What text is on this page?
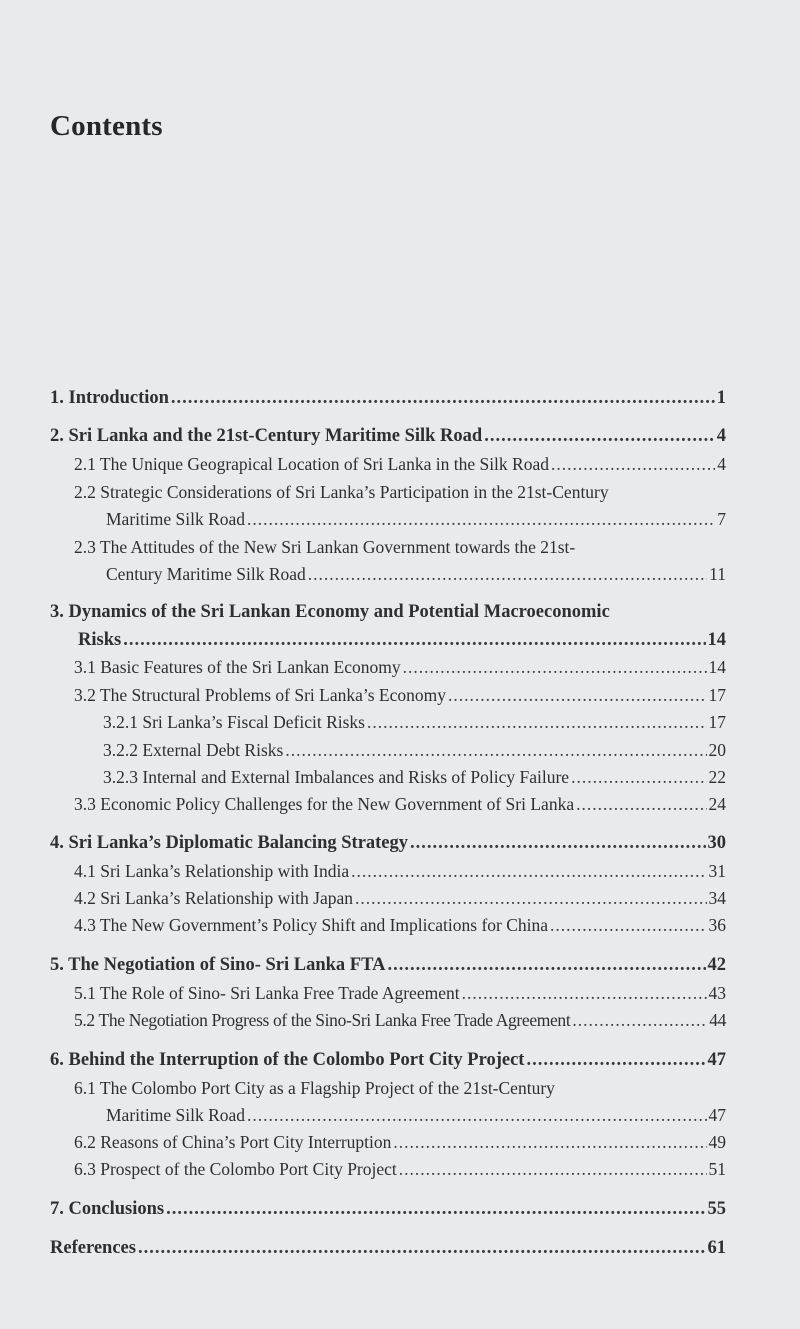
Contents
1. Introduction .....	1
2. Sri Lanka and the 21st-Century Maritime Silk Road .....	4
2.1 The Unique Geograpical Location of Sri Lanka in the Silk Road .....	4
2.2 Strategic Considerations of Sri Lanka’s Participation in the 21st-Century
Maritime Silk Road .....	7
2.3 The Attitudes of the New Sri Lankan Government towards the 21st-
Century Maritime Silk Road .....	11
3. Dynamics of the Sri Lankan Economy and Potential Macroeconomic
Risks .....	14
3.1 Basic Features of the Sri Lankan Economy .....	14
3.2 The Structural Problems of Sri Lanka’s Economy .....	17
3.2.1 Sri Lanka’s Fiscal Deficit Risks .....	17
3.2.2 External Debt Risks .....	20
3.2.3 Internal and External Imbalances and Risks of Policy Failure .....	22
3.3 Economic Policy Challenges for the New Government of Sri Lanka .....	24
4. Sri Lanka’s Diplomatic Balancing Strategy .....	30
4.1 Sri Lanka’s Relationship with India .....	31
4.2 Sri Lanka’s Relationship with Japan .....	34
4.3 The New Government’s Policy Shift and Implications for China .....	36
5. The Negotiation of Sino- Sri Lanka FTA .....	42
5.1 The Role of Sino- Sri Lanka Free Trade Agreement .....	43
5.2 The Negotiation Progress of the Sino-Sri Lanka Free Trade Agreement .....	44
6. Behind the Interruption of the Colombo Port City Project .....	47
6.1 The Colombo Port City as a Flagship Project of the 21st-Century
Maritime Silk Road .....	47
6.2 Reasons of China’s Port City Interruption .....	49
6.3 Prospect of the Colombo Port City Project .....	51
7. Conclusions .....	55
References .....	61
